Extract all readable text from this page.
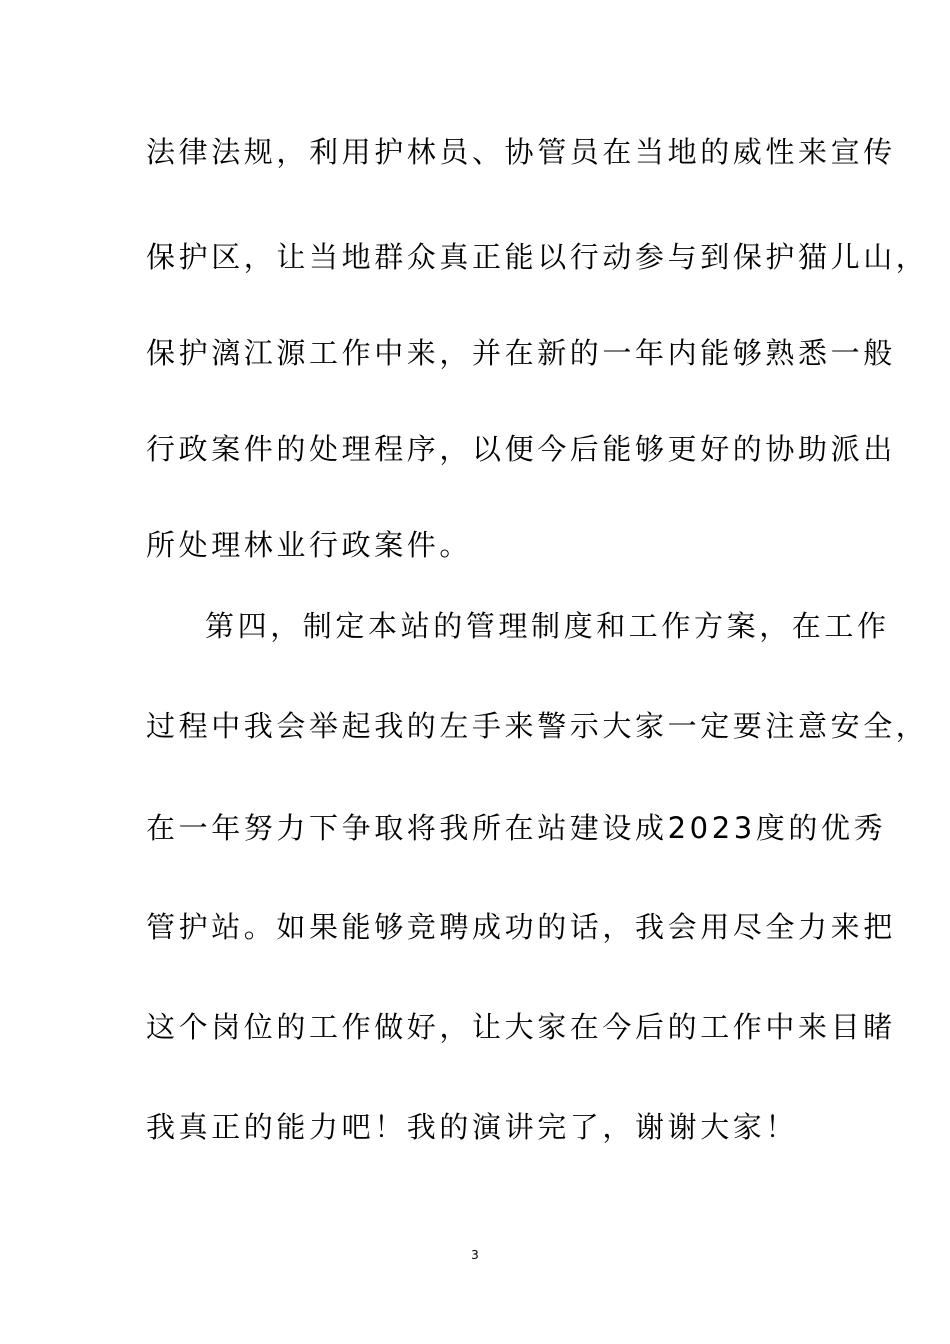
法律法规，利用护林员、协管员在当地的威性来宣传
保护区，让当地群众真正能以行动参与到保护猫儿山，
保护漓江源工作中来，并在新的一年内能够熟悉一般
行政案件的处理程序，以便今后能够更好的协助派出
所处理林业行政案件。
第四，制定本站的管理制度和工作方案，在工作
过程中我会举起我的左手来警示大家一定要注意安全，
在一年努力下争取将我所在站建设成2023度的优秀
管护站。如果能够竞聘成功的话，我会用尽全力来把
这个岗位的工作做好，让大家在今后的工作中来目睹
我真正的能力吧！我的演讲完了，谢谢大家！
3
